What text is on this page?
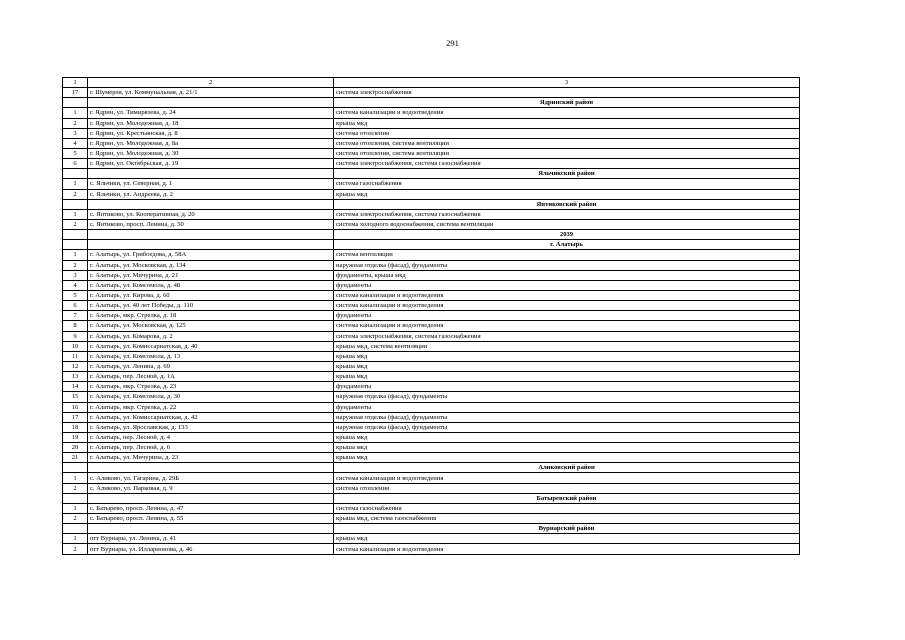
291
1	2	3
17	г. Шумерля, ул. Коммунальная, д. 21/1	система электроснабжения
		Ядринский район
1	г. Ядрин, ул. Тимирязева, д. 24	система канализации и водоотведения
2	г. Ядрин, ул. Молодежная, д. 18	крыша мкд
3	г. Ядрин, ул. Крестьянская, д. 8	система отопления
4	г. Ядрин, ул. Молодежная, д. 8а	система отопления, система вентиляции
5	г. Ядрин, ул. Молодежная, д. 30	система отопления, система вентиляции
6	г. Ядрин, ул. Октябрьская, д. 19	система электроснабжения, система газоснабжения
		Яльчикский район
1	с. Яльчики, ул. Северная, д. 1	система газоснабжения
2	с. Яльчики, ул. Андреева, д. 2	крыша мкд
		Янтиковский район
1	с. Янтиково, ул. Кооперативная, д. 20	система электроснабжения, система газоснабжения
2	с. Янтиково, просп. Ленина, д. 50	система холодного водоснабжения, система вентиляции
		2039
		г. Алатырь
1	г. Алатырь, ул. Грибоедова, д. 58А	система вентиляции
2	г. Алатырь, ул. Московская, д. 134	наружная отделка (фасад), фундаменты
3	г. Алатырь, ул. Мичурина, д. 21	фундаменты, крыша мкд
4	г. Алатырь, ул. Комсомола, д. 48	фундаменты
5	г. Алатырь, ул. Кирова, д. 60	система канализации и водоотведения
6	г. Алатырь, ул. 40 лет Победы, д. 110	система канализации и водоотведения
7	г. Алатырь, мкр. Стрелка, д. 18	фундаменты
8	г. Алатырь, ул. Московская, д. 125	система канализации и водоотведения
9	г. Алатырь, ул. Комарова, д. 2	система электроснабжения, система газоснабжения
10	г. Алатырь, ул. Комиссариатская, д. 40	крыша мкд, система вентиляции
11	г. Алатырь, ул. Комсомола, д. 13	крыша мкд
12	г. Алатырь, ул. Ленина, д. 69	крыша мкд
13	г. Алатырь, пер. Лесной, д. 1А	крыша мкд
14	г. Алатырь, мкр. Стрелка, д. 23	фундаменты
15	г. Алатырь, ул. Комсомола, д. 30	наружная отделка (фасад), фундаменты
16	г. Алатырь, мкр. Стрелка, д. 22	фундаменты
17	г. Алатырь, ул. Комиссариатская, д. 42	наружная отделка (фасад), фундаменты
18	г. Алатырь, ул. Ярославская, д. 133	наружная отделка (фасад), фундаменты
19	г. Алатырь, пер. Лесной, д. 4	крыша мкд
20	г. Алатырь, пер. Лесной, д. 6	крыша мкд
21	г. Алатырь, ул. Мичурина, д. 23	крыша мкд
		Аликовский район
1	с. Аликово, ул. Гагарина, д. 29Б	система канализации и водоотведения
2	с. Аликово, ул. Парковая, д. 9	система отопления
		Батыревский район
1	с. Батырево, просп. Ленина, д. 47	система газоснабжения
2	с. Батырево, просп. Ленина, д. 55	крыша мкд, система газоснабжения
		Вурнарский район
1	пгт Вурнары, ул. Ленина, д. 41	крыша мкд
2	пгт Вурнары, ул. Илларионова, д. 46	система канализации и водоотведения
